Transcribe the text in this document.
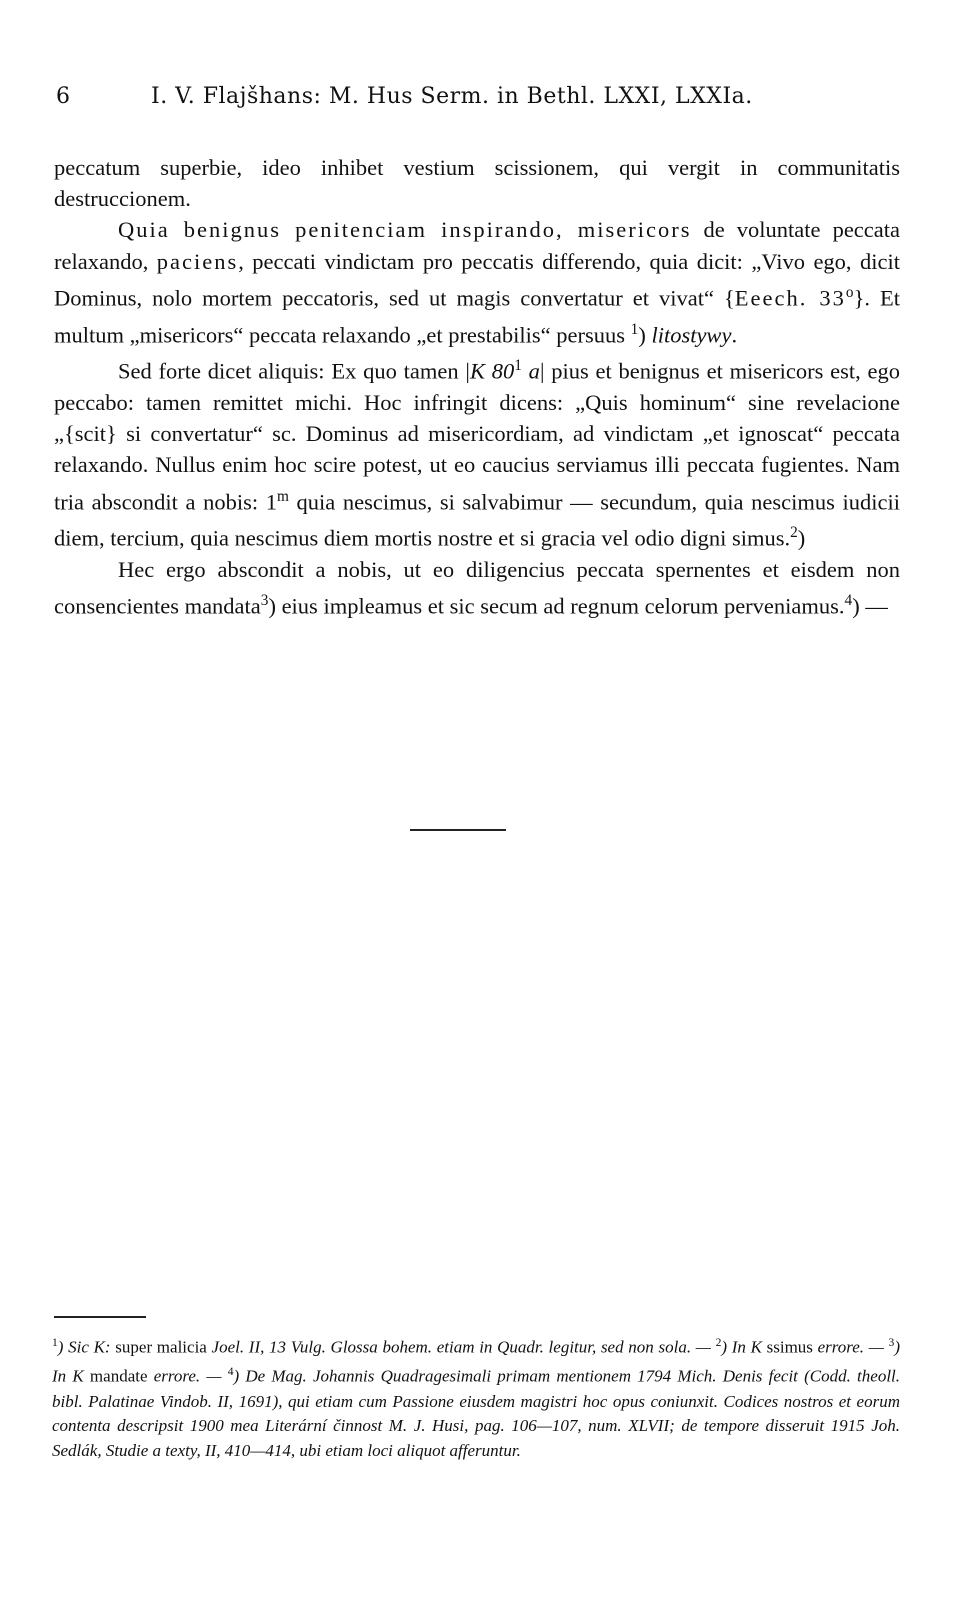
6	I. V. Flajšhans: M. Hus Serm. in Bethl. LXXI, LXXIa.

peccatum superbie, ideo inhibet vestium scissionem, qui vergit in communitatis destruccionem.

Quia benignus penitenciam inspirando, misericors de voluntate peccata relaxando, paciens, peccati vindictam pro peccatis differendo, quia dicit: „Vivo ego, dicit Dominus, nolo mortem peccatoris, sed ut magis convertatur et vivat“ {Eeech. 33$^o$}. Et multum „misericors“ peccata relaxando „et prestabilis“ persuus $^1$) litostywy.

Sed forte dicet aliquis: Ex quo tamen |K $80^1$ a| pius et benignus et misericors est, ego peccabo: tamen remittet michi. Hoc infringit dicens: „Quis hominum“ sine revelacione „{scit} si convertatur“ sc. Dominus ad misericordiam, ad vindictam „et ignoscat“ peccata relaxando. Nullus enim hoc scire potest, ut eo caucius serviamus illi peccata fugientes. Nam tria abscondit a nobis: 1$^m$ quia nescimus, si salvabimur — secundum, quia nescimus iudicii diem, tercium, quia nescimus diem mortis nostre et si gracia vel odio digni simus.$^2$)

Hec ergo abscondit a nobis, ut eo diligencius peccata spernentes et eisdem non consencientes mandata$^3$) eius impleamus et sic secum ad regnum celorum perveniamus.$^4$) —

$^1$) Sic K: super malicia Joel. II, 13 Vulg. Glossa bohem. etiam in Quadr. legitur, sed non sola. — $^2$) In K ssimus errore. — $^3$) In K mandate errore. — $^4$) De Mag. Johannis Quadragesimali primam mentionem 1794 Mich. Denis fecit (Codd. theoll. bibl. Palatinae Vindob. II, 1691), qui etiam cum Passione eiusdem magistri hoc opus coniunxit. Codices nostros et eorum contenta descripsit 1900 mea Literární činnost M. J. Husi, pag. 106—107, num. XLVII; de tempore disseruit 1915 Joh. Sedlák, Studie a texty, II, 410—414, ubi etiam loci aliquot afferuntur.
